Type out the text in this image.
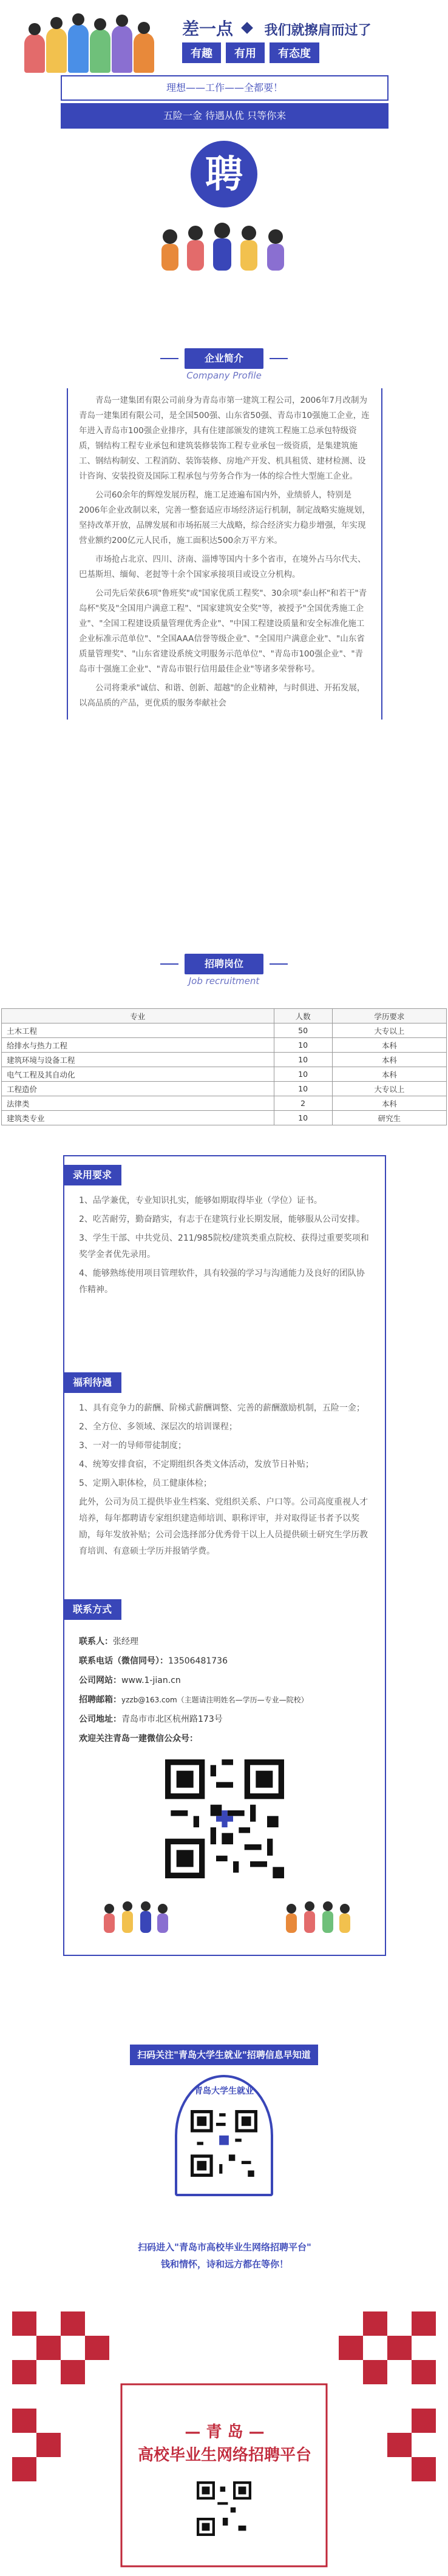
差一点 我们就擦肩而过了
有趣	有用	有态度
理想——工作——全都要！
五险一金 待遇从优 只等你来
聘
企业简介
Company Profile

青岛一建集团有限公司前身为青岛市第一建筑工程公司，2006年7月改制为青岛一建集团有限公司，是全国500强、山东省50强、青岛市10强施工企业，连年进入青岛市100强企业排序，具有住建部颁发的建筑工程施工总承包特级资质，钢结构工程专业承包和建筑装修装饰工程专业承包一级资质，是集建筑施工、钢结构制安、工程消防、装饰装修、房地产开发、机具租赁、建材检测、设计咨询、安装投资及国际工程承包与劳务合作为一体的综合性大型施工企业。

公司60余年的辉煌发展历程，施工足迹遍布国内外，业绩骄人，特别是2006年企业改制以来，完善一整套适应市场经济运行机制，制定战略实施规划，坚持改革开放，品牌发展和市场拓展三大战略，综合经济实力稳步增强，年实现营业额约200亿元人民币，施工面积达500余万平方米。

市场抢占北京、四川、济南、淄博等国内十多个省市，在境外占马尔代夫、巴基斯坦、缅甸、老挝等十余个国家承接项目或设立分机构。

公司先后荣获6项"鲁班奖"或"国家优质工程奖"、30余项"泰山杯"和若干"青岛杯"奖及"全国用户满意工程"、"国家建筑安全奖"等，被授予"全国优秀施工企业"、"全国工程建设质量管理优秀企业"、"中国工程建设质量和安全标准化施工企业标准示范单位"、"全国AAA信誉等级企业"、"全国用户满意企业"、"山东省质量管理奖"、"山东省建设系统文明服务示范单位"、"青岛市100强企业"、"青岛市十强施工企业"、"青岛市银行信用最佳企业"等诸多荣誉称号。

公司将秉承"诚信、和谐、创新、超越"的企业精神，与时俱进、开拓发展，以高品质的产品，更优质的服务奉献社会

招聘岗位
Job recruitment
专业	人数	学历要求
土木工程	50	大专以上
给排水与热力工程	10	本科
建筑环境与设备工程	10	本科
电气工程及其自动化	10	本科
工程造价	10	大专以上
法律类	2	本科
建筑类专业	10	研究生
录用要求
1、品学兼优，专业知识扎实，能够如期取得毕业（学位）证书。
2、吃苦耐劳，勤奋踏实，有志于在建筑行业长期发展，能够服从公司安排。
3、学生干部、中共党员、211/985院校/建筑类重点院校、获得过重要奖项和奖学金者优先录用。
4、能够熟练使用项目管理软件，具有较强的学习与沟通能力及良好的团队协作精神。
福利待遇
1、具有竞争力的薪酬、阶梯式薪酬调整、完善的薪酬激励机制，五险一金；
2、全方位、多领域、深层次的培训课程；
3、一对一的导师带徒制度；
4、统筹安排食宿，不定期组织各类文体活动，发放节日补贴；
5、定期入职体检，员工健康体检；
此外，公司为员工提供毕业生档案、党组织关系、户口等。公司高度重视人才培养，每年都聘请专家组织建造师培训、职称评审，并对取得证书者予以奖励，每年发放补贴；公司会选择部分优秀骨干以上人员提供硕士研究生学历教育培训、有意硕士学历并报销学费。
联系方式
联系人：张经理
联系电话（微信同号）：13506481736
公司网站：www.1-jian.cn
招聘邮箱：yzzb@163.com（主题请注明姓名—学历—专业—院校）
公司地址：青岛市市北区杭州路173号
欢迎关注青岛一建微信公众号：
扫码关注"青岛大学生就业"招聘信息早知道
青岛大学生就业
扫码进入"青岛市高校毕业生网络招聘平台"
钱和情怀，诗和远方都在等你！
— 青 岛 —
高校毕业生网络招聘平台
